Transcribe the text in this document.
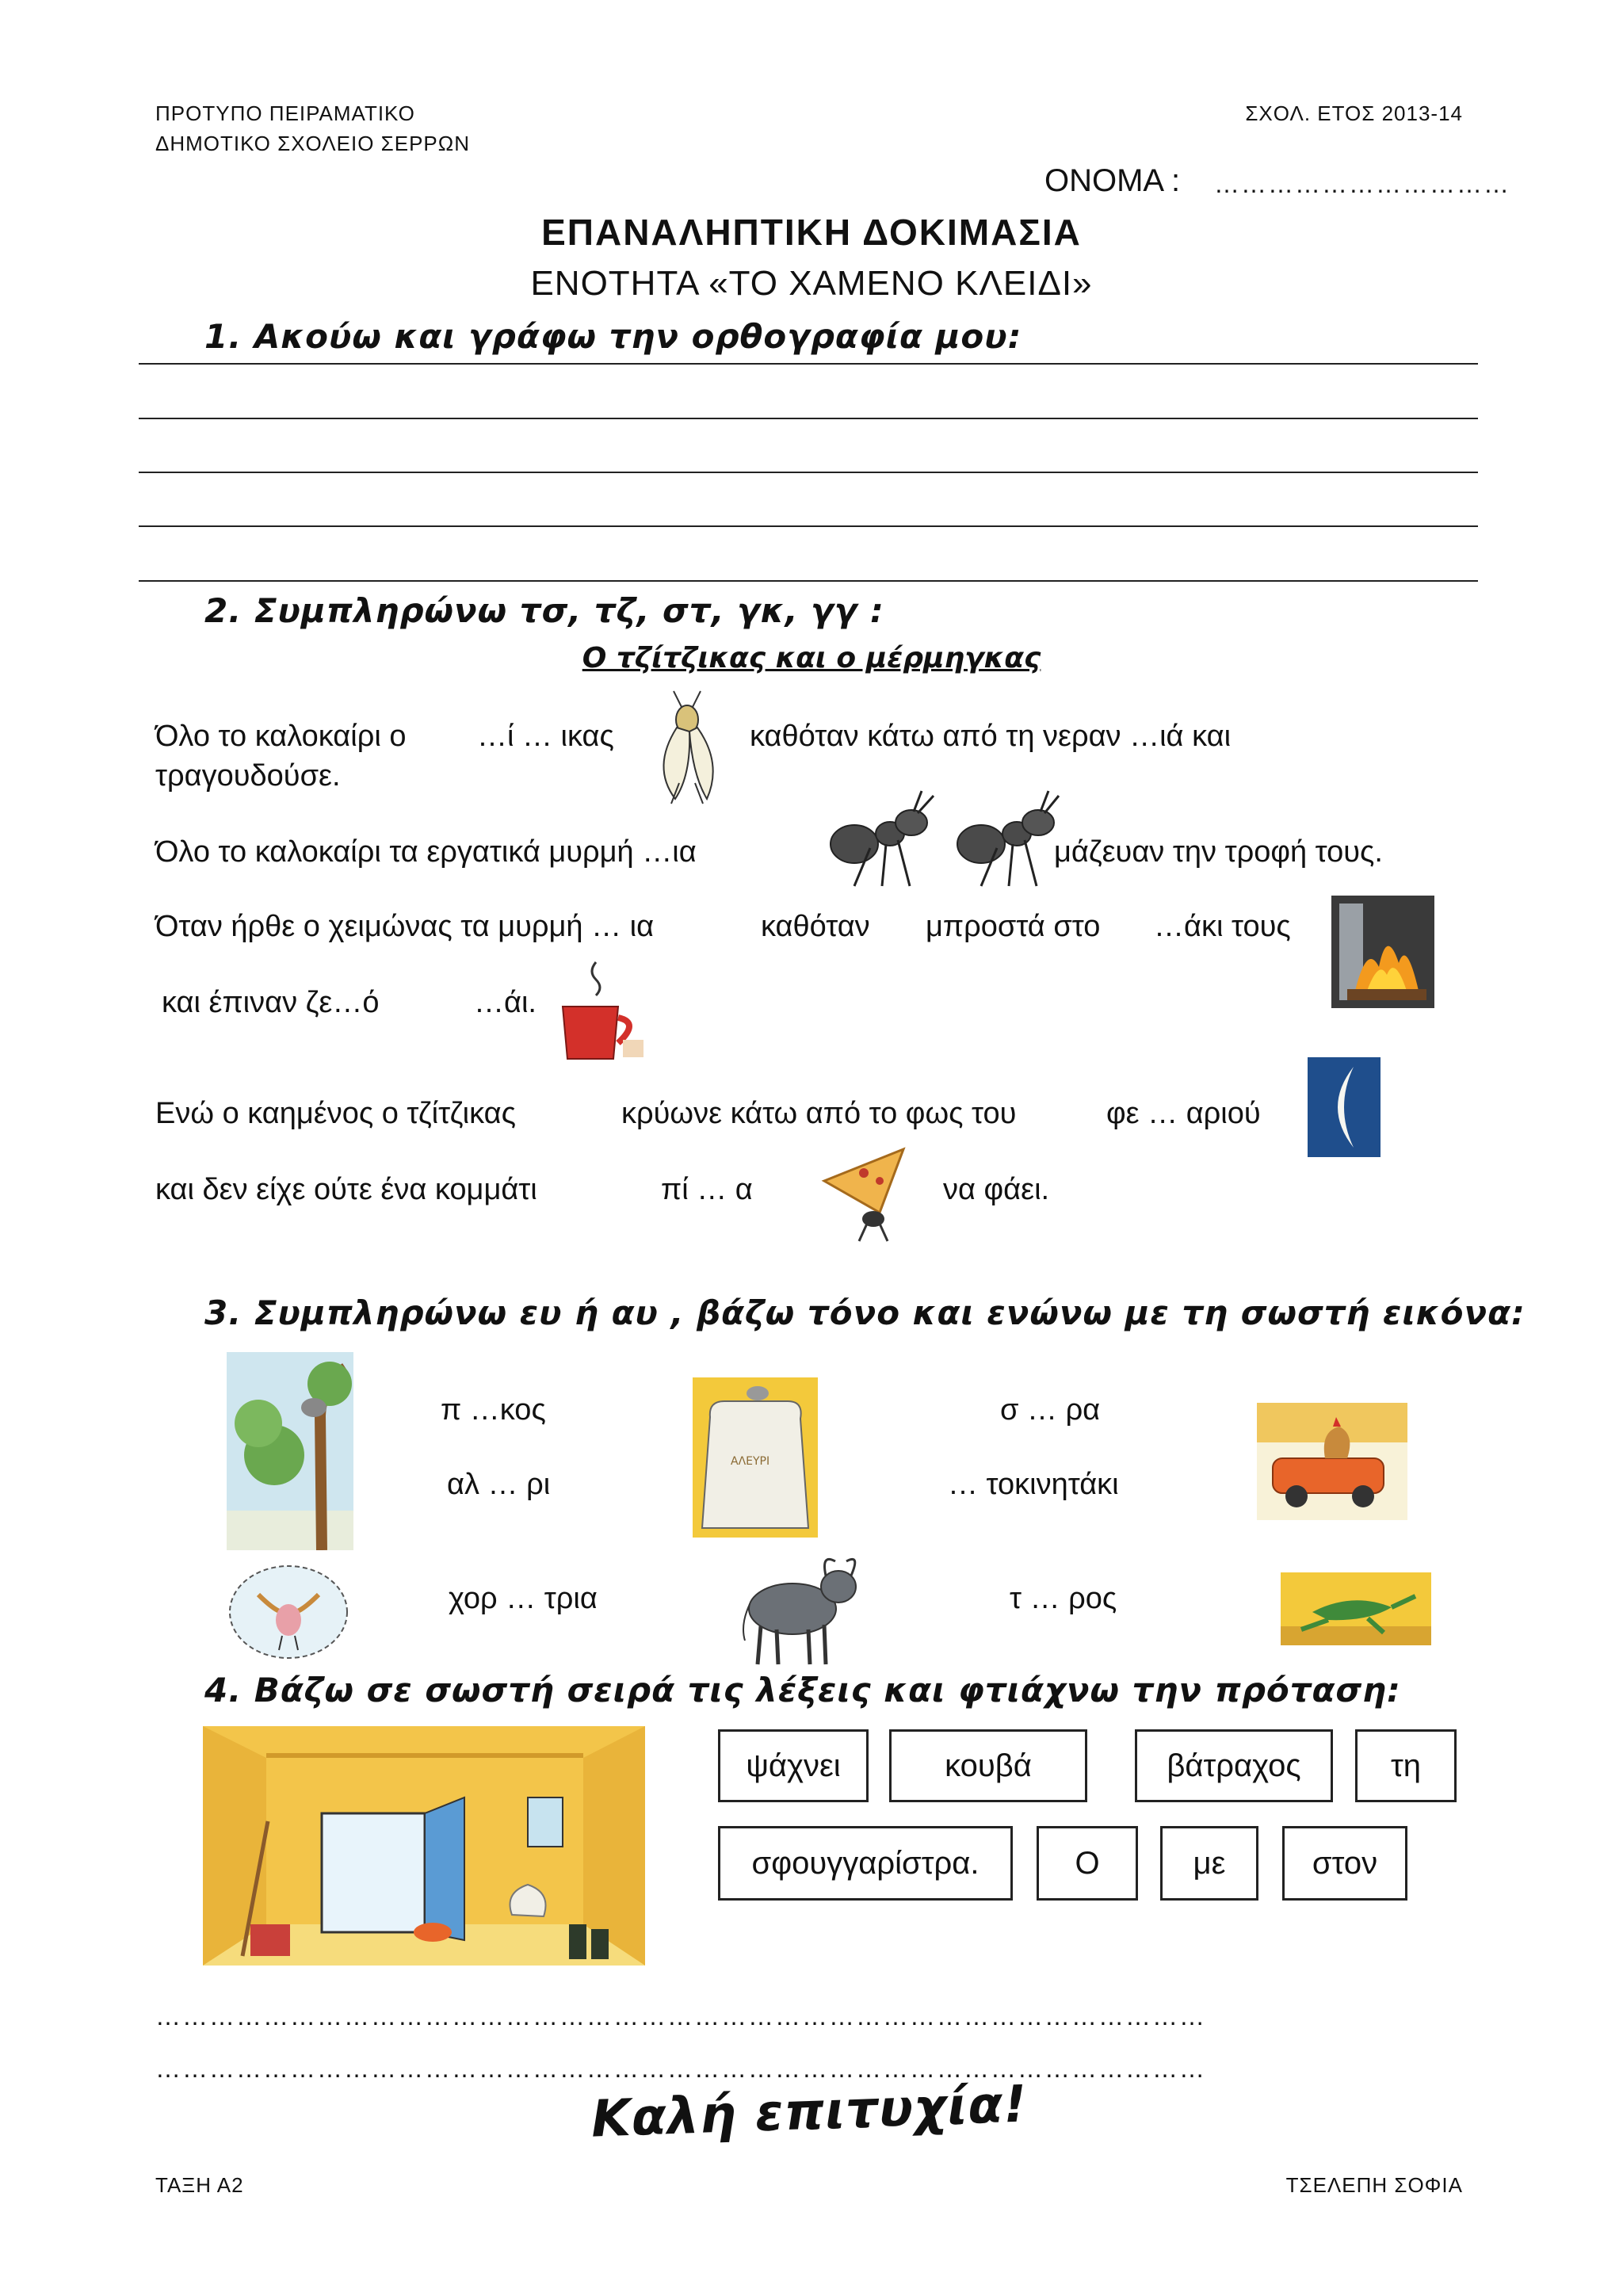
ΠΡΟΤΥΠΟ ΠΕΙΡΑΜΑΤΙΚΟ
ΔΗΜΟΤΙΚΟ ΣΧΟΛΕΙΟ ΣΕΡΡΩΝ
ΣΧΟΛ. ΕΤΟΣ 2013-14
ΟΝΟΜΑ : ……………………………
ΕΠΑΝΑΛΗΠΤΙΚΗ ΔΟΚΙΜΑΣΙΑ
ΕΝΟΤΗΤΑ «ΤΟ ΧΑΜΕΝΟ ΚΛΕΙΔΙ»
1. Ακούω και γράφω την ορθογραφία μου:
2. Συμπληρώνω τσ, τζ, στ, γκ, γγ :
Ο τζίτζικας και ο μέρμηγκας
Όλο το καλοκαίρι ο …ί … ικας	καθόταν κάτω από τη νεραν …ιά και
τραγουδούσε.
Όλο το καλοκαίρι τα εργατικά μυρμή …ια	μάζευαν την τροφή τους.
Όταν ήρθε ο χειμώνας τα μυρμή … ια	καθόταν μπροστά στο …άκι τους
και έπιναν ζε…ό	…άι.
Ενώ ο καημένος ο τζίτζικας	κρύωνε κάτω από το φως του	φε … αριού
και δεν είχε ούτε ένα κομμάτι	πί … α	να φάει.
3. Συμπληρώνω ευ ή αυ , βάζω τόνο και ενώνω με τη σωστή εικόνα:
π …κος
αλ … ρι
ΑΛΕΥΡΙ
σ … ρα
… τοκινητάκι
χορ … τρια	τ … ρος
4. Βάζω σε σωστή σειρά τις λέξεις και φτιάχνω την πρόταση:
ψάχνει	κουβά	βάτραχος	τη
σφουγγαρίστρα.	Ο	με	στον
………………………………………………………………………………………………………
………………………………………………………………………………………………………
Καλή επιτυχία!
ΤΑΞΗ Α2	ΤΣΕΛΕΠΗ ΣΟΦΙΑ
